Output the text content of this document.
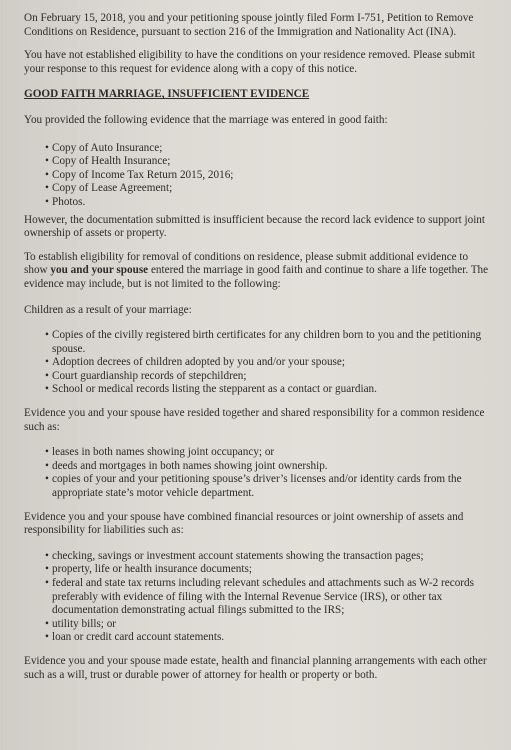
On February 15, 2018, you and your petitioning spouse jointly filed Form I-751, Petition to Remove Conditions on Residence, pursuant to section 216 of the Immigration and Nationality Act (INA).

You have not established eligibility to have the conditions on your residence removed. Please submit your response to this request for evidence along with a copy of this notice.

GOOD FAITH MARRIAGE, INSUFFICIENT EVIDENCE

You provided the following evidence that the marriage was entered in good faith:

• Copy of Auto Insurance;
• Copy of Health Insurance;
• Copy of Income Tax Return 2015, 2016;
• Copy of Lease Agreement;
• Photos.

However, the documentation submitted is insufficient because the record lack evidence to support joint ownership of assets or property.

To establish eligibility for removal of conditions on residence, please submit additional evidence to show you and your spouse entered the marriage in good faith and continue to share a life together. The evidence may include, but is not limited to the following:

Children as a result of your marriage:

• Copies of the civilly registered birth certificates for any children born to you and the petitioning spouse.
• Adoption decrees of children adopted by you and/or your spouse;
• Court guardianship records of stepchildren;
• School or medical records listing the stepparent as a contact or guardian.

Evidence you and your spouse have resided together and shared responsibility for a common residence such as:

• leases in both names showing joint occupancy; or
• deeds and mortgages in both names showing joint ownership.
• copies of your and your petitioning spouse’s driver’s licenses and/or identity cards from the appropriate state’s motor vehicle department.

Evidence you and your spouse have combined financial resources or joint ownership of assets and responsibility for liabilities such as:

• checking, savings or investment account statements showing the transaction pages;
• property, life or health insurance documents;
• federal and state tax returns including relevant schedules and attachments such as W-2 records preferably with evidence of filing with the Internal Revenue Service (IRS), or other tax documentation demonstrating actual filings submitted to the IRS;
• utility bills; or
• loan or credit card account statements.

Evidence you and your spouse made estate, health and financial planning arrangements with each other such as a will, trust or durable power of attorney for health or property or both.
